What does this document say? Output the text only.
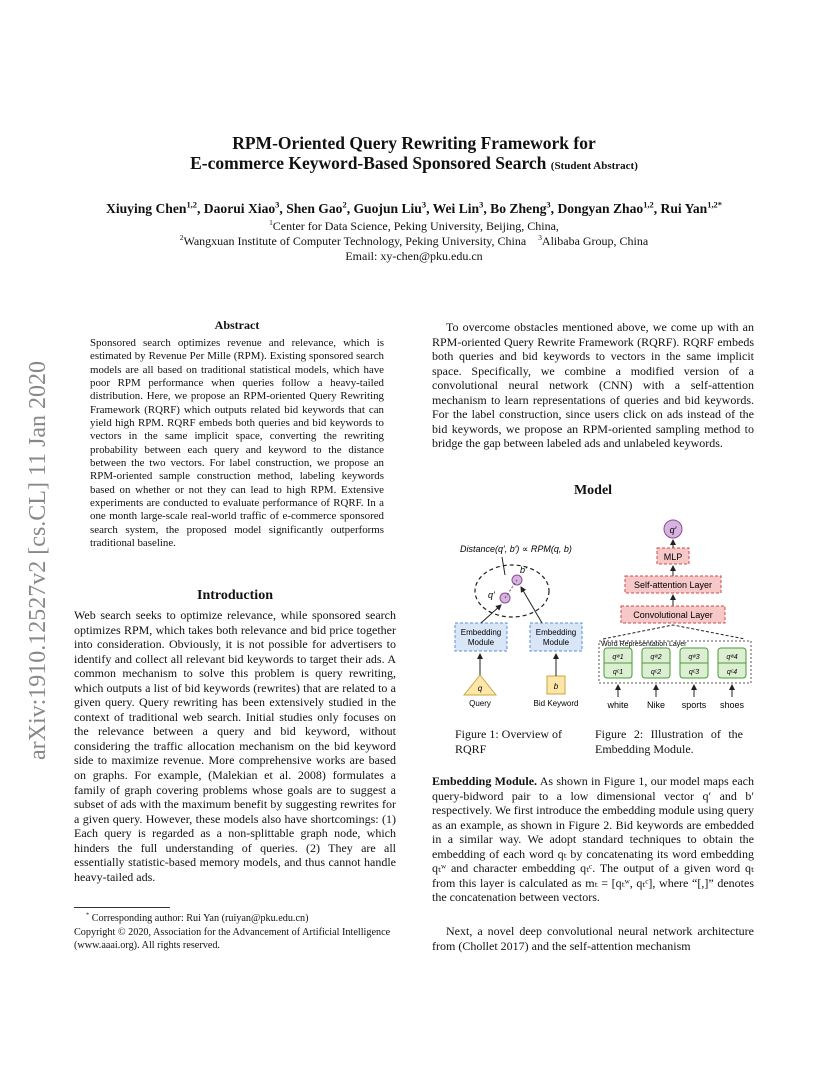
arXiv:1910.12527v2 [cs.CL] 11 Jan 2020
RPM-Oriented Query Rewriting Framework for
E-commerce Keyword-Based Sponsored Search (Student Abstract)
Xiuying Chen$^{1,2}$, Daorui Xiao$^3$, Shen Gao$^2$, Guojun Liu$^3$, Wei Lin$^3$, Bo Zheng$^3$, Dongyan Zhao$^{1,2}$, Rui Yan$^{1,2*}$
$^1$Center for Data Science, Peking University, Beijing, China,
$^2$Wangxuan Institute of Computer Technology, Peking University, China $^3$Alibaba Group, China
Email: xy-chen@pku.edu.cn
Abstract
Sponsored search optimizes revenue and relevance, which is estimated by Revenue Per Mille (RPM). Existing sponsored search models are all based on traditional statistical models, which have poor RPM performance when queries follow a heavy-tailed distribution. Here, we propose an RPM-oriented Query Rewriting Framework (RQRF) which outputs related bid keywords that can yield high RPM. RQRF embeds both queries and bid keywords to vectors in the same implicit space, converting the rewriting probability between each query and keyword to the distance between the two vectors. For label construction, we propose an RPM-oriented sample construction method, labeling keywords based on whether or not they can lead to high RPM. Extensive experiments are conducted to evaluate performance of RQRF. In a one month large-scale real-world traffic of e-commerce sponsored search system, the proposed model significantly outperforms traditional baseline.
Introduction
Web search seeks to optimize relevance, while sponsored search optimizes RPM, which takes both relevance and bid price together into consideration. Obviously, it is not possible for advertisers to identify and collect all relevant bid keywords to target their ads. A common mechanism to solve this problem is query rewriting, which outputs a list of bid keywords (rewrites) that are related to a given query. Query rewriting has been extensively studied in the context of traditional web search. Initial studies only focuses on the relevance between a query and bid keyword, without considering the traffic allocation mechanism on the bid keyword side to maximize revenue. More comprehensive works are based on graphs. For example, (Malekian et al. 2008) formulates a family of graph covering problems whose goals are to suggest a subset of ads with the maximum benefit by suggesting rewrites for a given query. However, these models also have shortcomings: (1) Each query is regarded as a non-splittable graph node, which hinders the full understanding of queries. (2) They are all essentially statistic-based memory models, and thus cannot handle heavy-tailed ads.
* Corresponding author: Rui Yan (ruiyan@pku.edu.cn)
Copyright © 2020, Association for the Advancement of Artificial Intelligence (www.aaai.org). All rights reserved.
To overcome obstacles mentioned above, we come up with an RPM-oriented Query Rewrite Framework (RQRF). RQRF embeds both queries and bid keywords to vectors in the same implicit space. Specifically, we combine a modified version of a convolutional neural network (CNN) with a self-attention mechanism to learn representations of queries and bid keywords. For the label construction, since users click on ads instead of the bid keywords, we propose an RPM-oriented sampling method to bridge the gap between labeled ads and unlabeled keywords.
Model
Distance(q′, b′) ∝ RPM(q, b)
q′
b′
Embedding
Module
Embedding
Module
q	b
Query	Bid Keyword
q′
MLP
Self-attention Layer
Convolutional Layer
Word Representation Layer
qʷ1
qᶜ1
qʷ2
qᶜ2
qʷ3
qᶜ3
qʷ4
qᶜ4
white Nike sports shoes
Figure 1: Overview of RQRF
Figure 2: Illustration of the Embedding Module.
Embedding Module. As shown in Figure 1, our model maps each query-bidword pair to a low dimensional vector q′ and b′ respectively. We first introduce the embedding module using query as an example, as shown in Figure 2. Bid keywords are embedded in a similar way. We adopt standard techniques to obtain the embedding of each word qₜ by concatenating its word embedding qₜʷ and character embedding qₜᶜ. The output of a given word qₜ from this layer is calculated as mₜ = [qₜʷ, qₜᶜ], where “[,]” denotes the concatenation between vectors.
Next, a novel deep convolutional neural network architecture from (Chollet 2017) and the self-attention mechanism
